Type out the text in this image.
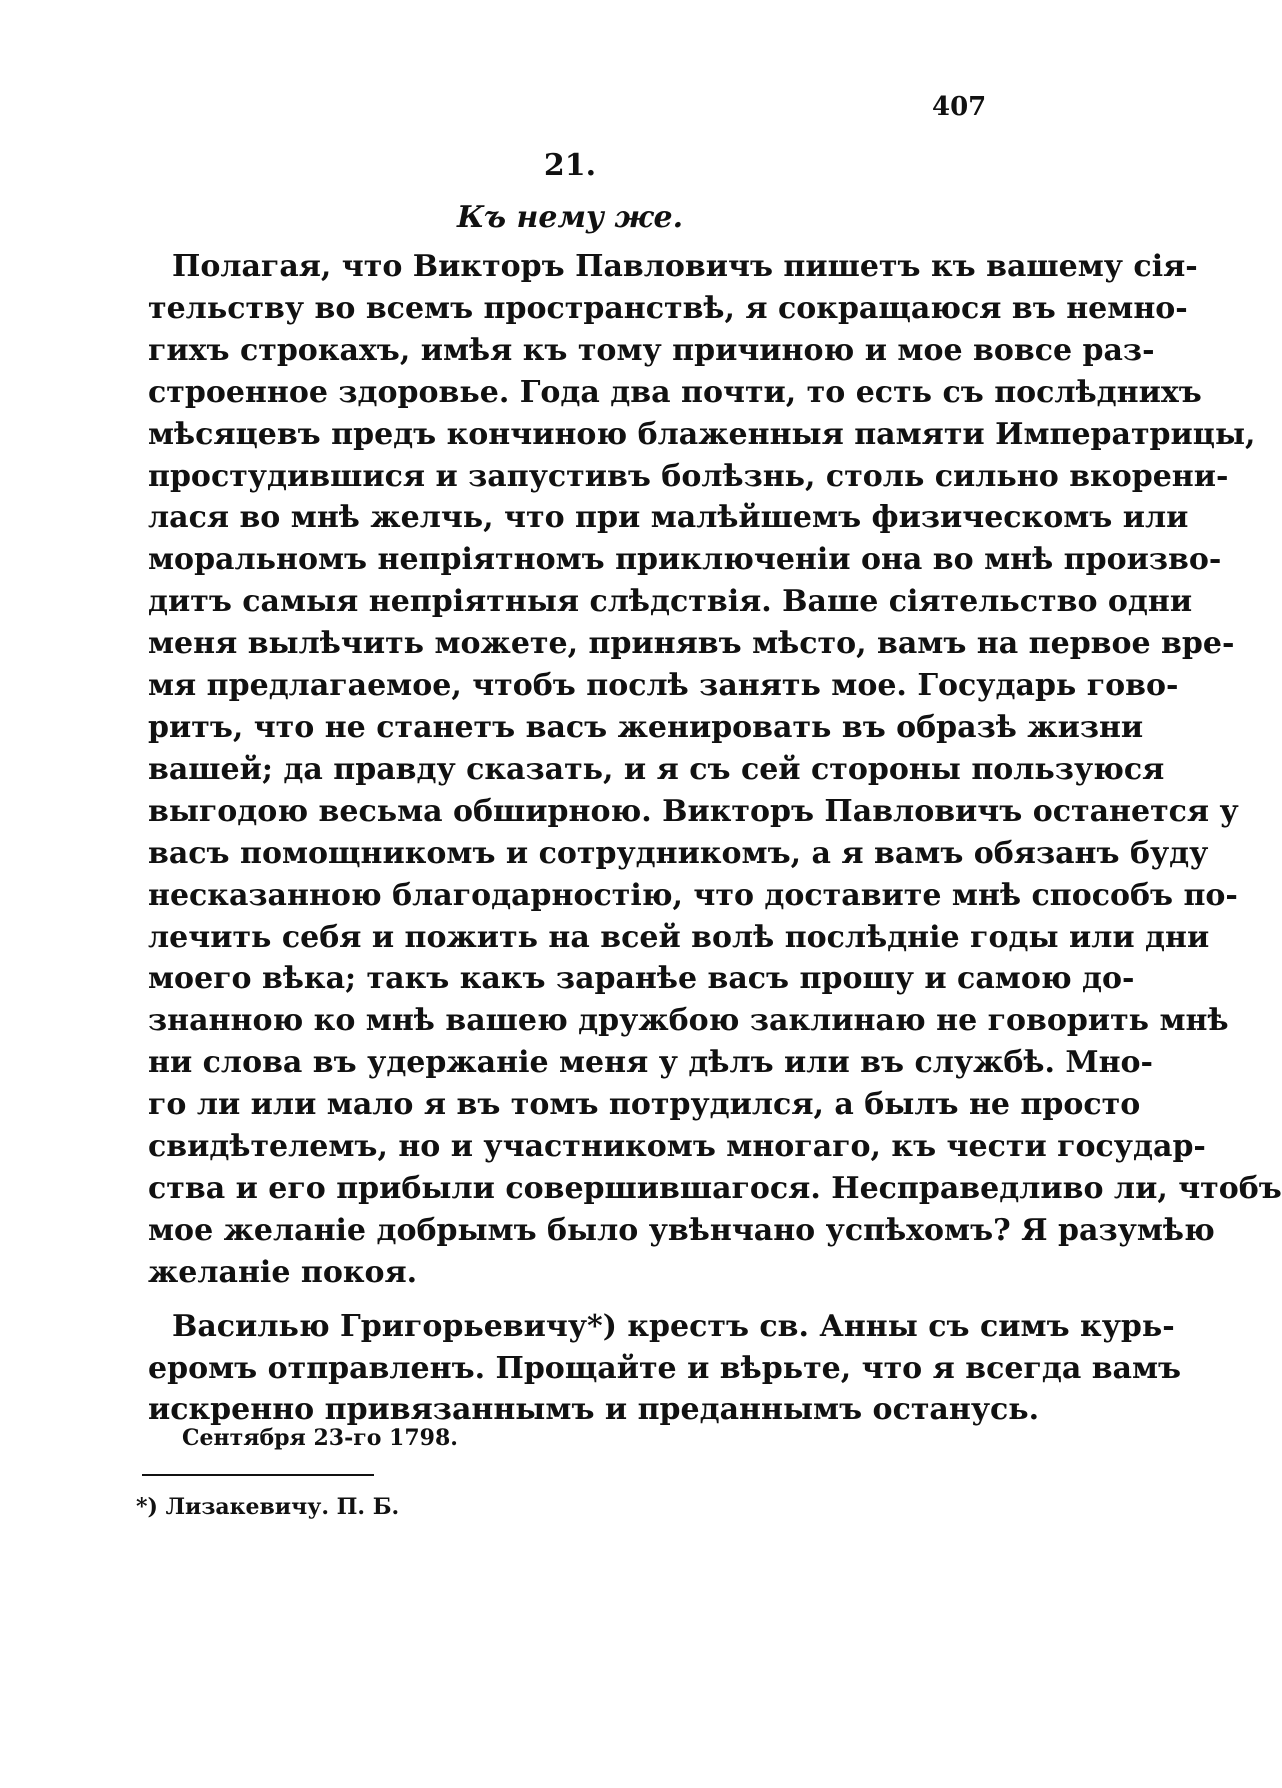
407
21.
Къ нему же.
Полагая, что Викторъ Павловичъ пишетъ къ вашему сія-
тельству во всемъ пространствѣ, я сокращаюся въ немно-
гихъ строкахъ, имѣя къ тому причиною и мое вовсе раз-
строенное здоровье. Года два почти, то есть съ послѣднихъ
мѣсяцевъ предъ кончиною блаженныя памяти Императрицы,
простудившися и запустивъ болѣзнь, столь сильно вкорени-
лася во мнѣ желчь, что при малѣйшемъ физическомъ или
моральномъ непріятномъ приключеніи она во мнѣ произво-
дитъ самыя непріятныя слѣдствія. Ваше сіятельство одни
меня вылѣчить можете, принявъ мѣсто, вамъ на первое вре-
мя предлагаемое, чтобъ послѣ занять мое. Государь гово-
ритъ, что не станетъ васъ женировать въ образѣ жизни
вашей; да правду сказать, и я съ сей стороны пользуюся
выгодою весьма обширною. Викторъ Павловичъ останется у
васъ помощникомъ и сотрудникомъ, а я вамъ обязанъ буду
несказанною благодарностію, что доставите мнѣ способъ по-
лечить себя и пожить на всей волѣ послѣдніе годы или дни
моего вѣка; такъ какъ заранѣе васъ прошу и самою до-
знанною ко мнѣ вашею дружбою заклинаю не говорить мнѣ
ни слова въ удержаніе меня у дѣлъ или въ службѣ. Мно-
го ли или мало я въ томъ потрудился, а былъ не просто
свидѣтелемъ, но и участникомъ многаго, къ чести государ-
ства и его прибыли совершившагося. Несправедливо ли, чтобъ
мое желаніе добрымъ было увѣнчано успѣхомъ? Я разумѣю
желаніе покоя.
Василью Григорьевичу*) крестъ св. Анны съ симъ курь-
еромъ отправленъ. Прощайте и вѣрьте, что я всегда вамъ
искренно привязаннымъ и преданнымъ останусь.
Сентября 23-го 1798.
*) Лизакевичу. П. Б.
